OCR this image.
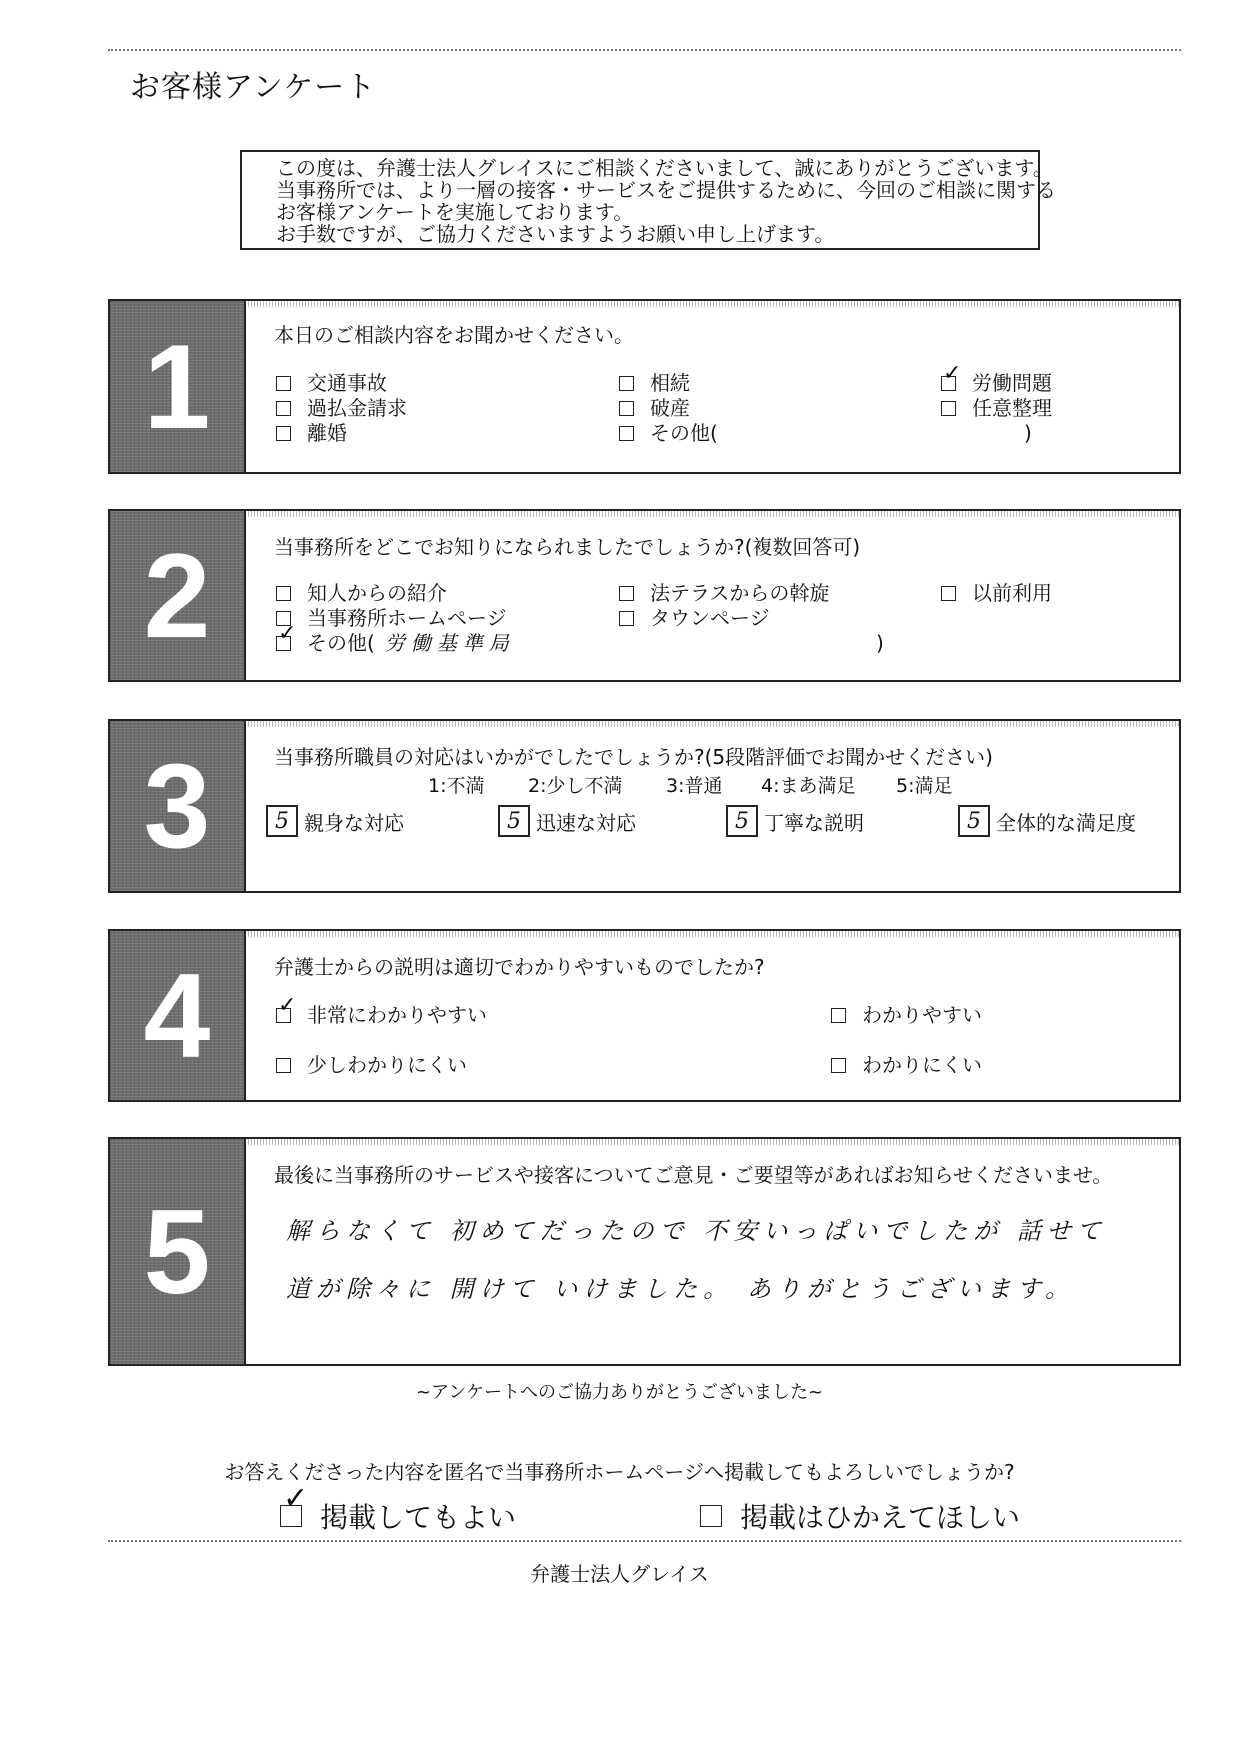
お客様アンケート
この度は、弁護士法人グレイスにご相談くださいまして、誠にありがとうございます。
当事務所では、より一層の接客・サービスをご提供するために、今回のご相談に関する
お客様アンケートを実施しております。
お手数ですが、ご協力くださいますようお願い申し上げます。
1	本日のご相談内容をお聞かせください。
交通事故
過払金請求
離婚
相続
破産
その他(	)
✓ 労働問題
任意整理
2	当事務所をどこでお知りになられましたでしょうか?(複数回答可)
知人からの紹介
当事務所ホームページ
✓ その他( 労働基準局	)
法テラスからの斡旋
タウンページ
以前利用
3	当事務所職員の対応はいかがでしたでしょうか?(5段階評価でお聞かせください)
1:不満 2:少し不満 3:普通 4:まあ満足 5:満足
5 親身な対応	5 迅速な対応	5 丁寧な説明	5 全体的な満足度
4	弁護士からの説明は適切でわかりやすいものでしたか?
✓ 非常にわかりやすい
少しわかりにくい
わかりやすい
わかりにくい
5
最後に当事務所のサービスや接客についてご意見・ご要望等があればお知らせくださいませ。
解らなくて 初めてだったので 不安いっぱいでしたが 話せて
道が除々に 開けて いけました。 ありがとうございます。
~アンケートへのご協力ありがとうございました~
お答えくださった内容を匿名で当事務所ホームページへ掲載してもよろしいでしょうか?
✓
掲載してもよい	掲載はひかえてほしい
弁護士法人グレイス
